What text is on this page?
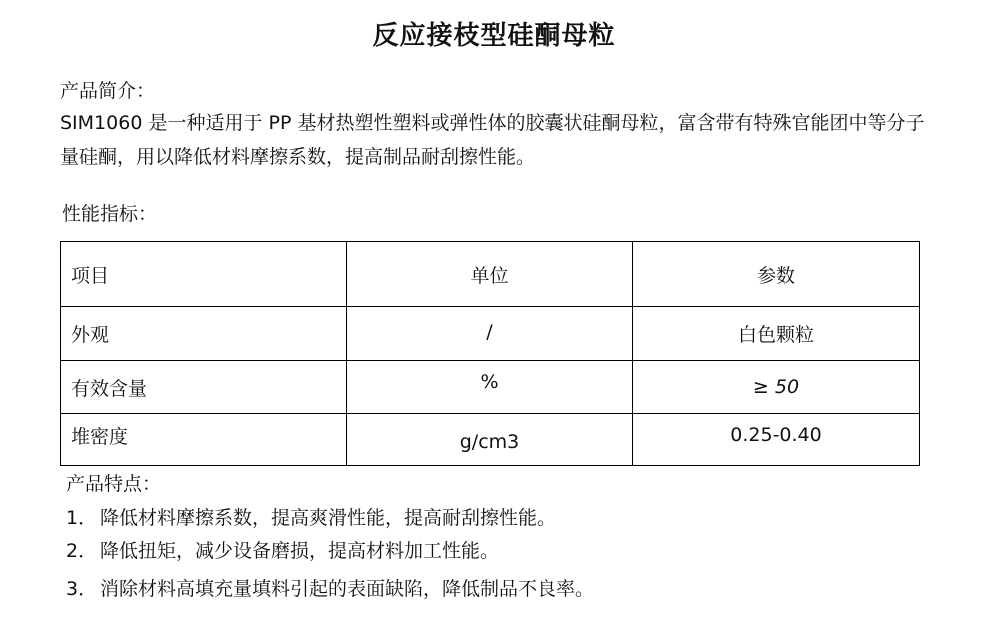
反应接枝型硅酮母粒
产品简介：
SIM1060 是一种适用于 PP 基材热塑性塑料或弹性体的胶囊状硅酮母粒，富含带有特殊官能团中等分子量硅酮，用以降低材料摩擦系数，提高制品耐刮擦性能。
性能指标：
项目	单位	参数
外观	/	白色颗粒
有效含量	%	≥ 50
堆密度	g/cm3	0.25-0.40
产品特点：
1． 降低材料摩擦系数，提高爽滑性能，提高耐刮擦性能。
2． 降低扭矩，减少设备磨损，提高材料加工性能。
3． 消除材料高填充量填料引起的表面缺陷，降低制品不良率。
